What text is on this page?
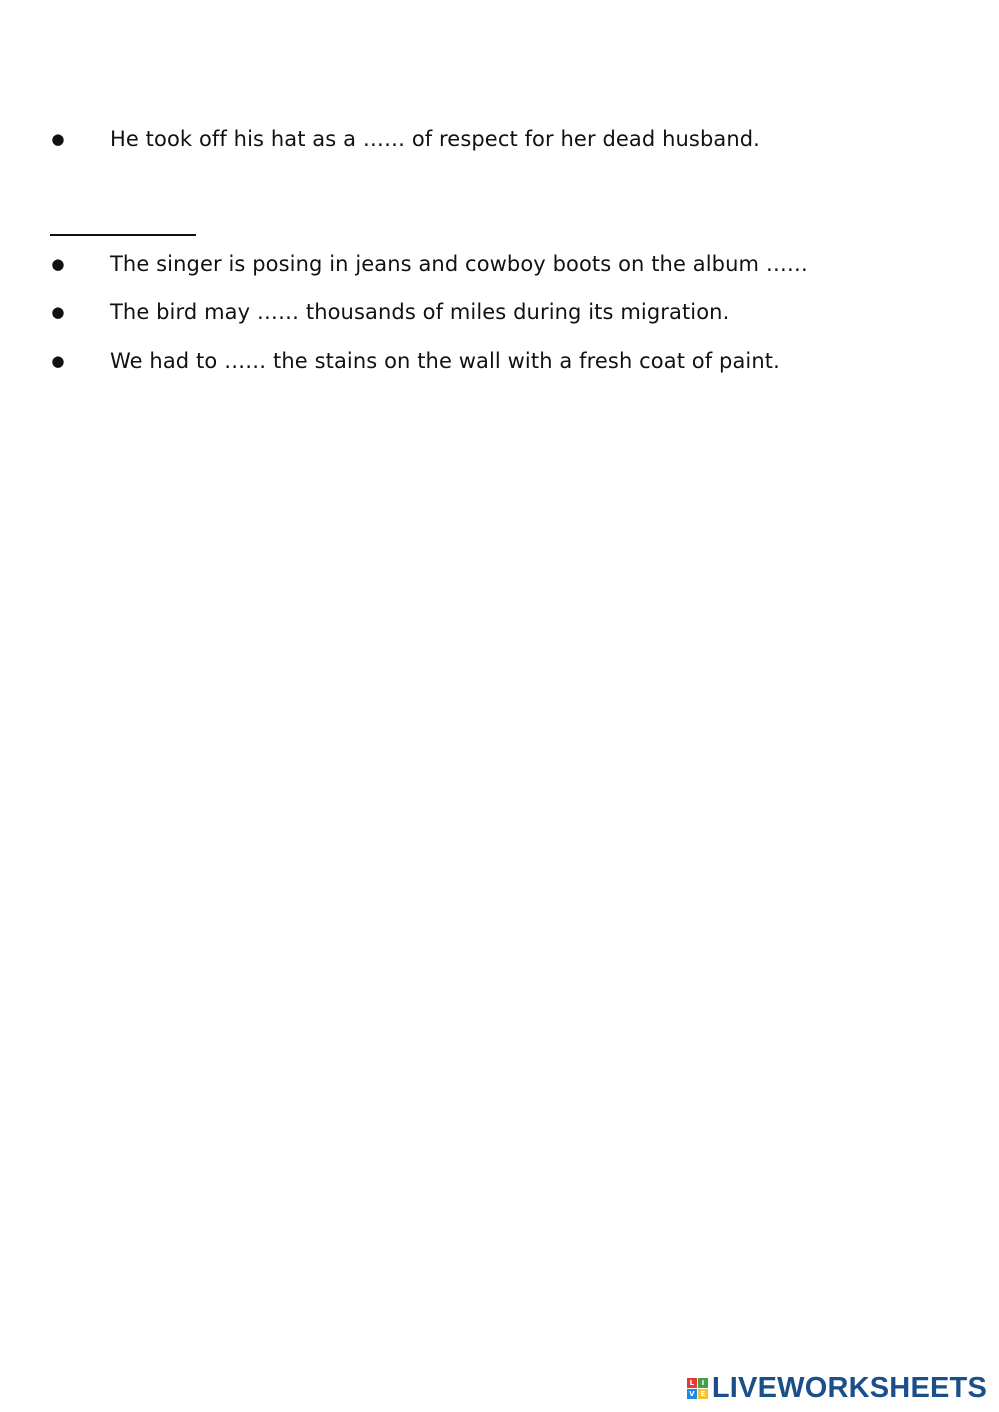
● He took off his hat as a …… of respect for her dead husband.
● The singer is posing in jeans and cowboy boots on the album ……
● The bird may …… thousands of miles during its migration.
● We had to …… the stains on the wall with a fresh coat of paint.
L	I
V E LIVEWORKSHEETS
